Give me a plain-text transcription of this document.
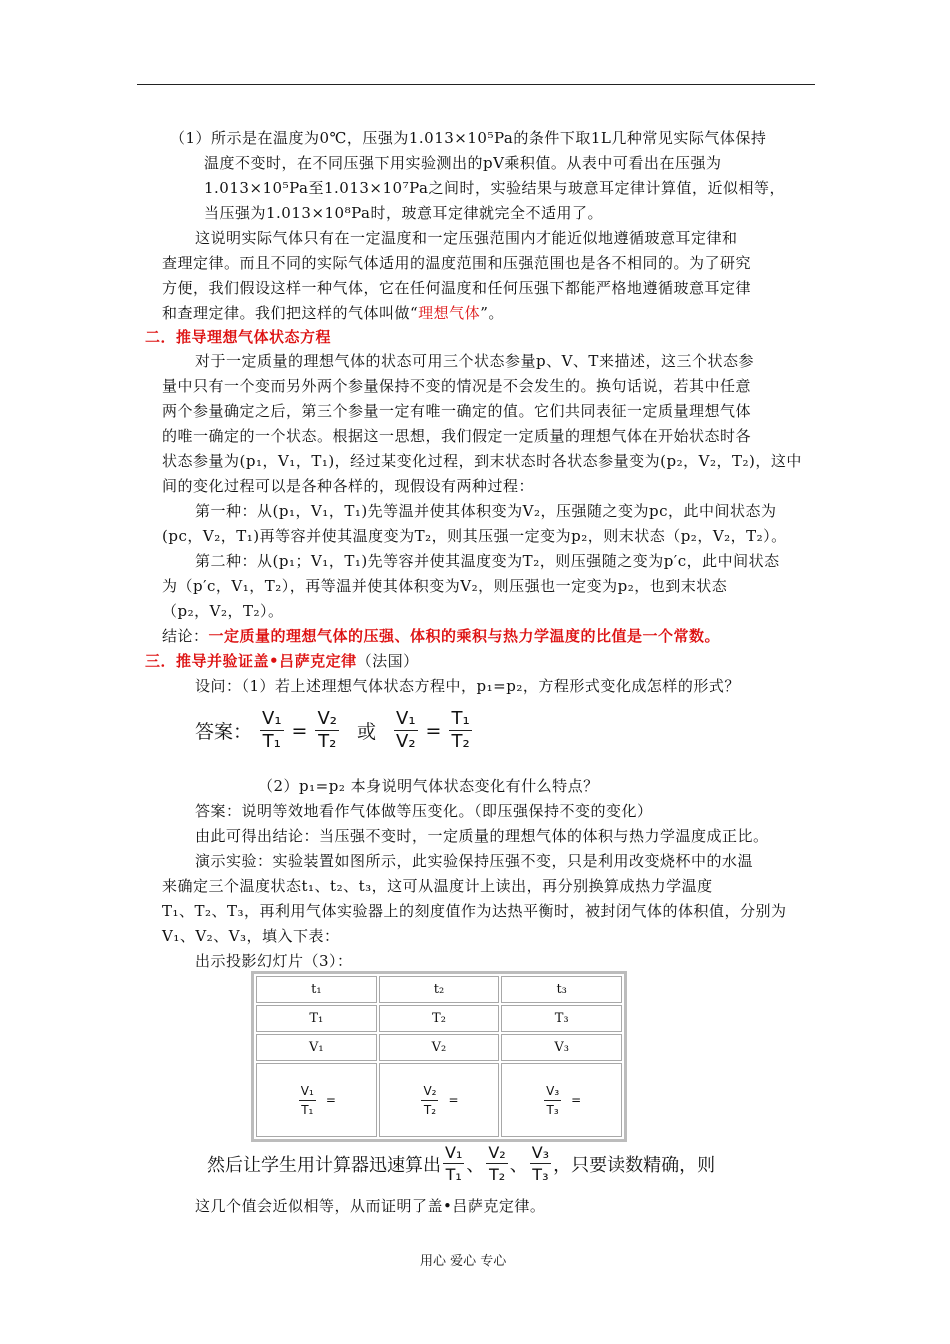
（1）所示是在温度为0℃，压强为1.013×10⁵Pa的条件下取1L几种常见实际气体保持
温度不变时，在不同压强下用实验测出的pV乘积值。从表中可看出在压强为
1.013×10⁵Pa至1.013×10⁷Pa之间时，实验结果与玻意耳定律计算值，近似相等，
当压强为1.013×10⁸Pa时，玻意耳定律就完全不适用了。
这说明实际气体只有在一定温度和一定压强范围内才能近似地遵循玻意耳定律和
查理定律。而且不同的实际气体适用的温度范围和压强范围也是各不相同的。为了研究
方便，我们假设这样一种气体，它在任何温度和任何压强下都能严格地遵循玻意耳定律
和查理定律。我们把这样的气体叫做“理想气体”。
二．推导理想气体状态方程
对于一定质量的理想气体的状态可用三个状态参量p、V、T来描述，这三个状态参
量中只有一个变而另外两个参量保持不变的情况是不会发生的。换句话说，若其中任意
两个参量确定之后，第三个参量一定有唯一确定的值。它们共同表征一定质量理想气体
的唯一确定的一个状态。根据这一思想，我们假定一定质量的理想气体在开始状态时各
状态参量为(p₁，V₁，T₁)，经过某变化过程，到末状态时各状态参量变为(p₂，V₂，T₂)，这中
间的变化过程可以是各种各样的，现假设有两种过程：
第一种：从(p₁，V₁，T₁)先等温并使其体积变为V₂，压强随之变为pc，此中间状态为
(pc，V₂，T₁)再等容并使其温度变为T₂，则其压强一定变为p₂，则末状态（p₂，V₂，T₂）。
第二种：从(p₁；V₁，T₁)先等容并使其温度变为T₂，则压强随之变为p′c，此中间状态
为（p′c，V₁，T₂），再等温并使其体积变为V₂，则压强也一定变为p₂，也到末状态
（p₂，V₂，T₂）。
结论：一定质量的理想气体的压强、体积的乘积与热力学温度的比值是一个常数。
三．推导并验证盖•吕萨克定律（法国）
设问：（1）若上述理想气体状态方程中，p₁=p₂，方程形式变化成怎样的形式？
答案： $\frac{\text{V₁}}{\text{T₁}} = \frac{\text{V₂}}{\text{T₂}}$ 或 $\frac{\text{V₁}}{\text{V₂}} = \frac{\text{T₁}}{\text{T₂}}$
（2）p₁=p₂ 本身说明气体状态变化有什么特点？
答案：说明等效地看作气体做等压变化。（即压强保持不变的变化）
由此可得出结论：当压强不变时，一定质量的理想气体的体积与热力学温度成正比。
演示实验：实验装置如图所示，此实验保持压强不变，只是利用改变烧杯中的水温
来确定三个温度状态t₁、t₂、t₃，这可从温度计上读出，再分别换算成热力学温度
T₁、T₂、T₃，再利用气体实验器上的刻度值作为达热平衡时，被封闭气体的体积值，分别为
V₁、V₂、V₃，填入下表：
出示投影幻灯片（3）：
t₁	t₂	t₃
T₁	T₂	T₃
V₁	V₂	V₃

$\frac{\text{V₁}}{\text{T₁}}$ =	$\frac{\text{V₂}}{\text{T₂}}$ =	$\frac{\text{V₃}}{\text{T₃}}$ =
然后让学生用计算器迅速算出 $\frac{\text{V₁}}{\text{T₁}}$ 、 $\frac{\text{V₂}}{\text{T₂}}$ 、 $\frac{\text{V₃}}{\text{T₃}}$ ，只要读数精确，则
这几个值会近似相等，从而证明了盖•吕萨克定律。
用心 爱心 专心
